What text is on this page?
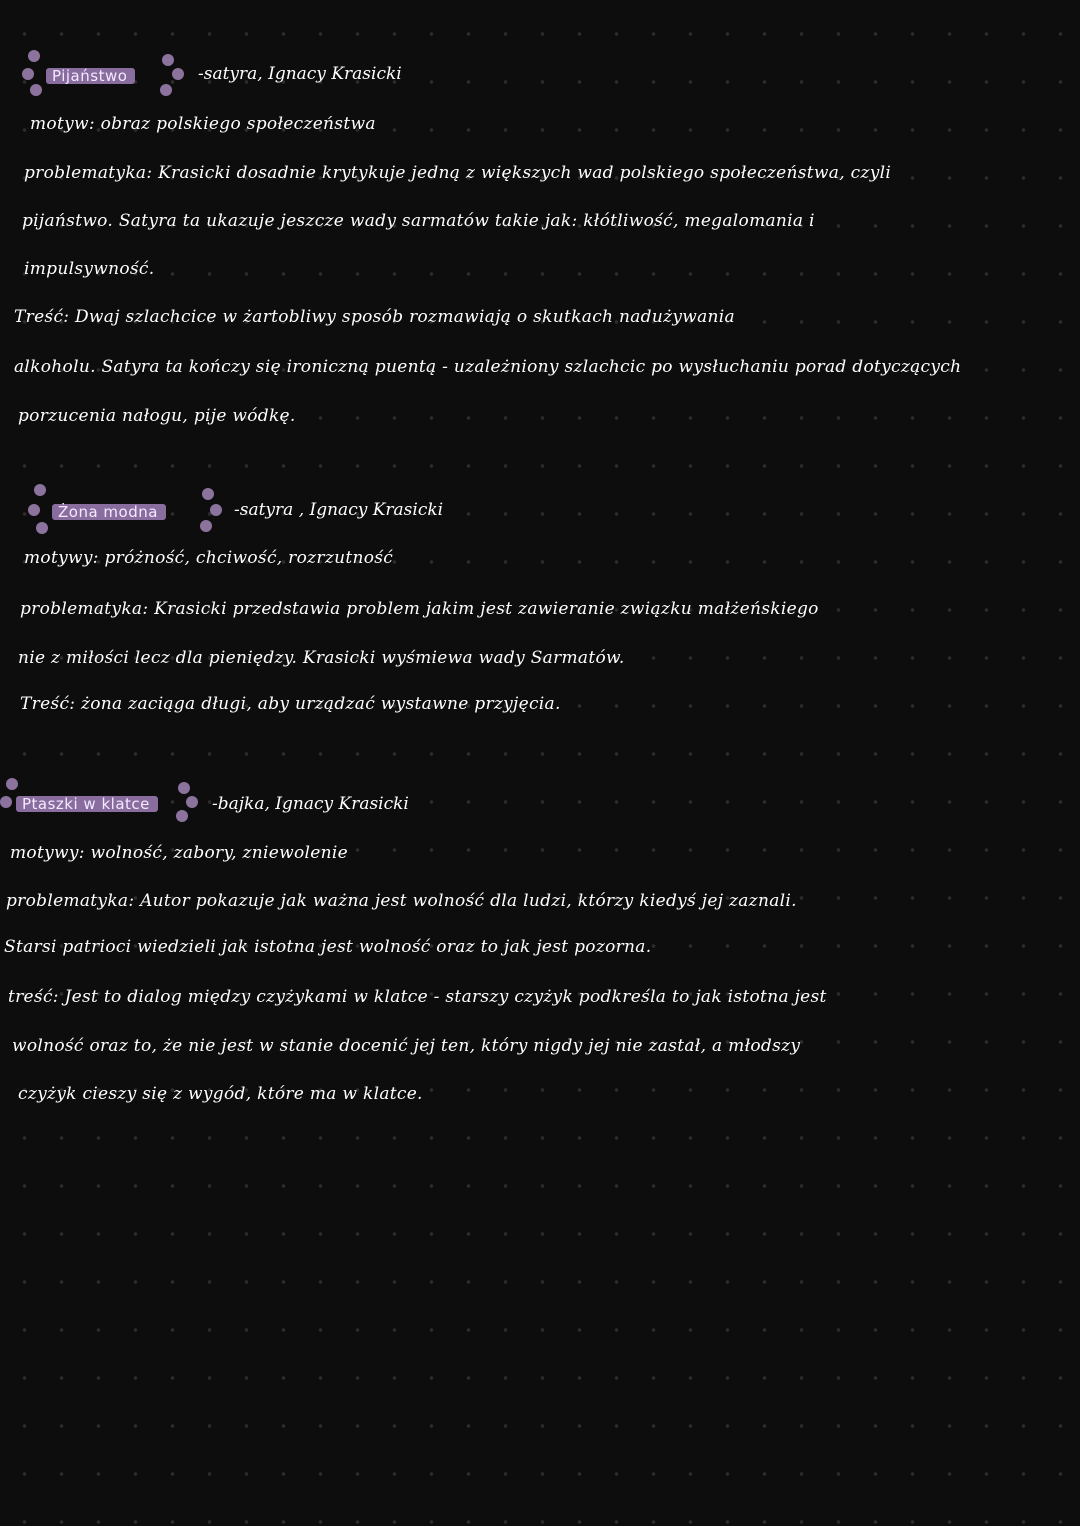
Pijaństwo	-satyra, Ignacy Krasicki
motyw: obraz polskiego społeczeństwa
problematyka: Krasicki dosadnie krytykuje jedną z większych wad polskiego społeczeństwa, czyli
pijaństwo. Satyra ta ukazuje jeszcze wady sarmatów takie jak: kłótliwość, megalomania i
impulsywność.
Treść: Dwaj szlachcice w żartobliwy sposób rozmawiają o skutkach nadużywania
alkoholu. Satyra ta kończy się ironiczną puentą - uzależniony szlachcic po wysłuchaniu porad dotyczących
porzucenia nałogu, pije wódkę.
Żona modna	-satyra , Ignacy Krasicki
motywy: próżność, chciwość, rozrzutność
problematyka: Krasicki przedstawia problem jakim jest zawieranie związku małżeńskiego
nie z miłości lecz dla pieniędzy. Krasicki wyśmiewa wady Sarmatów.
Treść: żona zaciąga długi, aby urządzać wystawne przyjęcia.
Ptaszki w klatce	-bajka, Ignacy Krasicki
motywy: wolność, zabory, zniewolenie
problematyka: Autor pokazuje jak ważna jest wolność dla ludzi, którzy kiedyś jej zaznali.
Starsi patrioci wiedzieli jak istotna jest wolność oraz to jak jest pozorna.
treść: Jest to dialog między czyżykami w klatce - starszy czyżyk podkreśla to jak istotna jest
wolność oraz to, że nie jest w stanie docenić jej ten, który nigdy jej nie zastał, a młodszy
czyżyk cieszy się z wygód, które ma w klatce.
